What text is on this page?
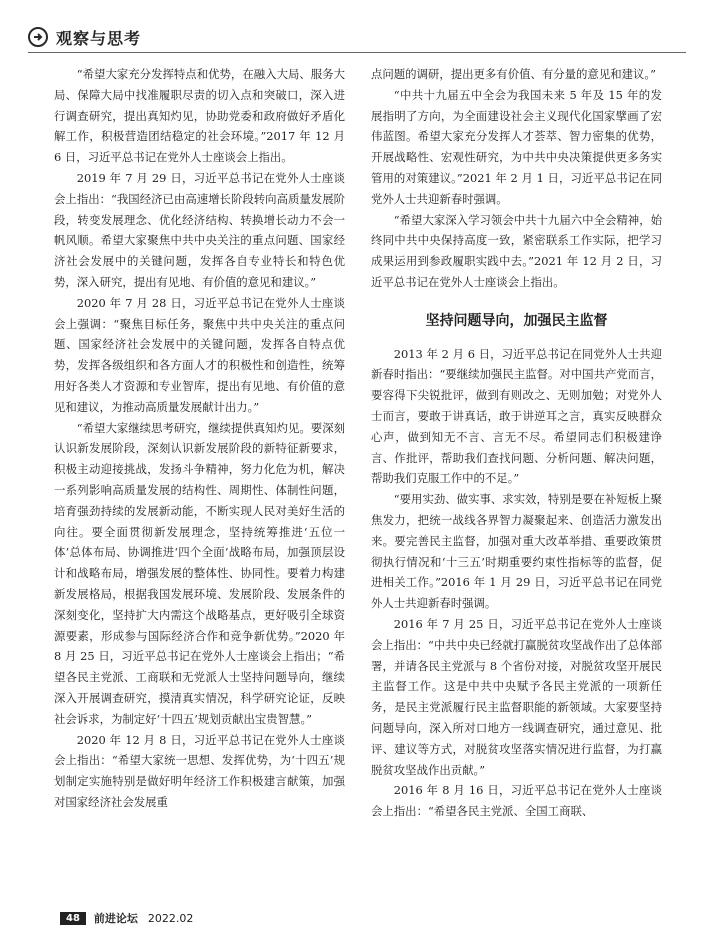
观察与思考

“希望大家充分发挥特点和优势，在融入大局、服务大局、保障大局中找准履职尽责的切入点和突破口，深入进行调查研究，提出真知灼见，协助党委和政府做好矛盾化解工作，积极营造团结稳定的社会环境。”2017 年 12 月 6 日，习近平总书记在党外人士座谈会上指出。

2019 年 7 月 29 日，习近平总书记在党外人士座谈会上指出：“我国经济已由高速增长阶段转向高质量发展阶段，转变发展理念、优化经济结构、转换增长动力不会一帆风顺。希望大家聚焦中共中央关注的重点问题、国家经济社会发展中的关键问题，发挥各自专业特长和特色优势，深入研究，提出有见地、有价值的意见和建议。”

2020 年 7 月 28 日，习近平总书记在党外人士座谈会上强调：“聚焦目标任务，聚焦中共中央关注的重点问题、国家经济社会发展中的关键问题，发挥各自特点优势，发挥各级组织和各方面人才的积极性和创造性，统筹用好各类人才资源和专业智库，提出有见地、有价值的意见和建议，为推动高质量发展献计出力。”

“希望大家继续思考研究，继续提供真知灼见。要深刻认识新发展阶段，深刻认识新发展阶段的新特征新要求，积极主动迎接挑战，发扬斗争精神，努力化危为机，解决一系列影响高质量发展的结构性、周期性、体制性问题，培育强劲持续的发展新动能，不断实现人民对美好生活的向往。要全面贯彻新发展理念，坚持统筹推进‘五位一体’总体布局、协调推进‘四个全面’战略布局，加强顶层设计和战略布局，增强发展的整体性、协同性。要着力构建新发展格局，根据我国发展环境、发展阶段、发展条件的深刻变化，坚持扩大内需这个战略基点，更好吸引全球资源要素，形成参与国际经济合作和竞争新优势。”2020 年 8 月 25 日，习近平总书记在党外人士座谈会上指出；“希望各民主党派、工商联和无党派人士坚持问题导向，继续深入开展调查研究，摸清真实情况，科学研究论证，反映社会诉求，为制定好‘十四五’规划贡献出宝贵智慧。”

2020 年 12 月 8 日，习近平总书记在党外人士座谈会上指出：“希望大家统一思想、发挥优势，为‘十四五’规划制定实施特别是做好明年经济工作积极建言献策，加强对国家经济社会发展重

点问题的调研，提出更多有价值、有分量的意见和建议。”

“中共十九届五中全会为我国未来 5 年及 15 年的发展指明了方向，为全面建设社会主义现代化国家擘画了宏伟蓝图。希望大家充分发挥人才荟萃、智力密集的优势，开展战略性、宏观性研究，为中共中央决策提供更多务实管用的对策建议。”2021 年 2 月 1 日，习近平总书记在同党外人士共迎新春时强调。

“希望大家深入学习领会中共十九届六中全会精神，始终同中共中央保持高度一致，紧密联系工作实际，把学习成果运用到参政履职实践中去。”2021 年 12 月 2 日，习近平总书记在党外人士座谈会上指出。

坚持问题导向，加强民主监督

2013 年 2 月 6 日，习近平总书记在同党外人士共迎新春时指出：“要继续加强民主监督。对中国共产党而言，要容得下尖锐批评，做到有则改之、无则加勉；对党外人士而言，要敢于讲真话，敢于讲逆耳之言，真实反映群众心声，做到知无不言、言无不尽。希望同志们积极建诤言、作批评，帮助我们查找问题、分析问题、解决问题，帮助我们克服工作中的不足。”

“要用实劲、做实事、求实效，特别是要在补短板上聚焦发力，把统一战线各界智力凝聚起来、创造活力激发出来。要完善民主监督，加强对重大改革举措、重要政策贯彻执行情况和‘十三五’时期重要约束性指标等的监督，促进相关工作。”2016 年 1 月 29 日，习近平总书记在同党外人士共迎新春时强调。

2016 年 7 月 25 日，习近平总书记在党外人士座谈会上指出：“中共中央已经就打赢脱贫攻坚战作出了总体部署，并请各民主党派与 8 个省份对接，对脱贫攻坚开展民主监督工作。这是中共中央赋予各民主党派的一项新任务，是民主党派履行民主监督职能的新领域。大家要坚持问题导向，深入所对口地方一线调查研究，通过意见、批评、建议等方式，对脱贫攻坚落实情况进行监督，为打赢脱贫攻坚战作出贡献。”

2016 年 8 月 16 日，习近平总书记在党外人士座谈会上指出：“希望各民主党派、全国工商联、

48	前进论坛 2022.02
